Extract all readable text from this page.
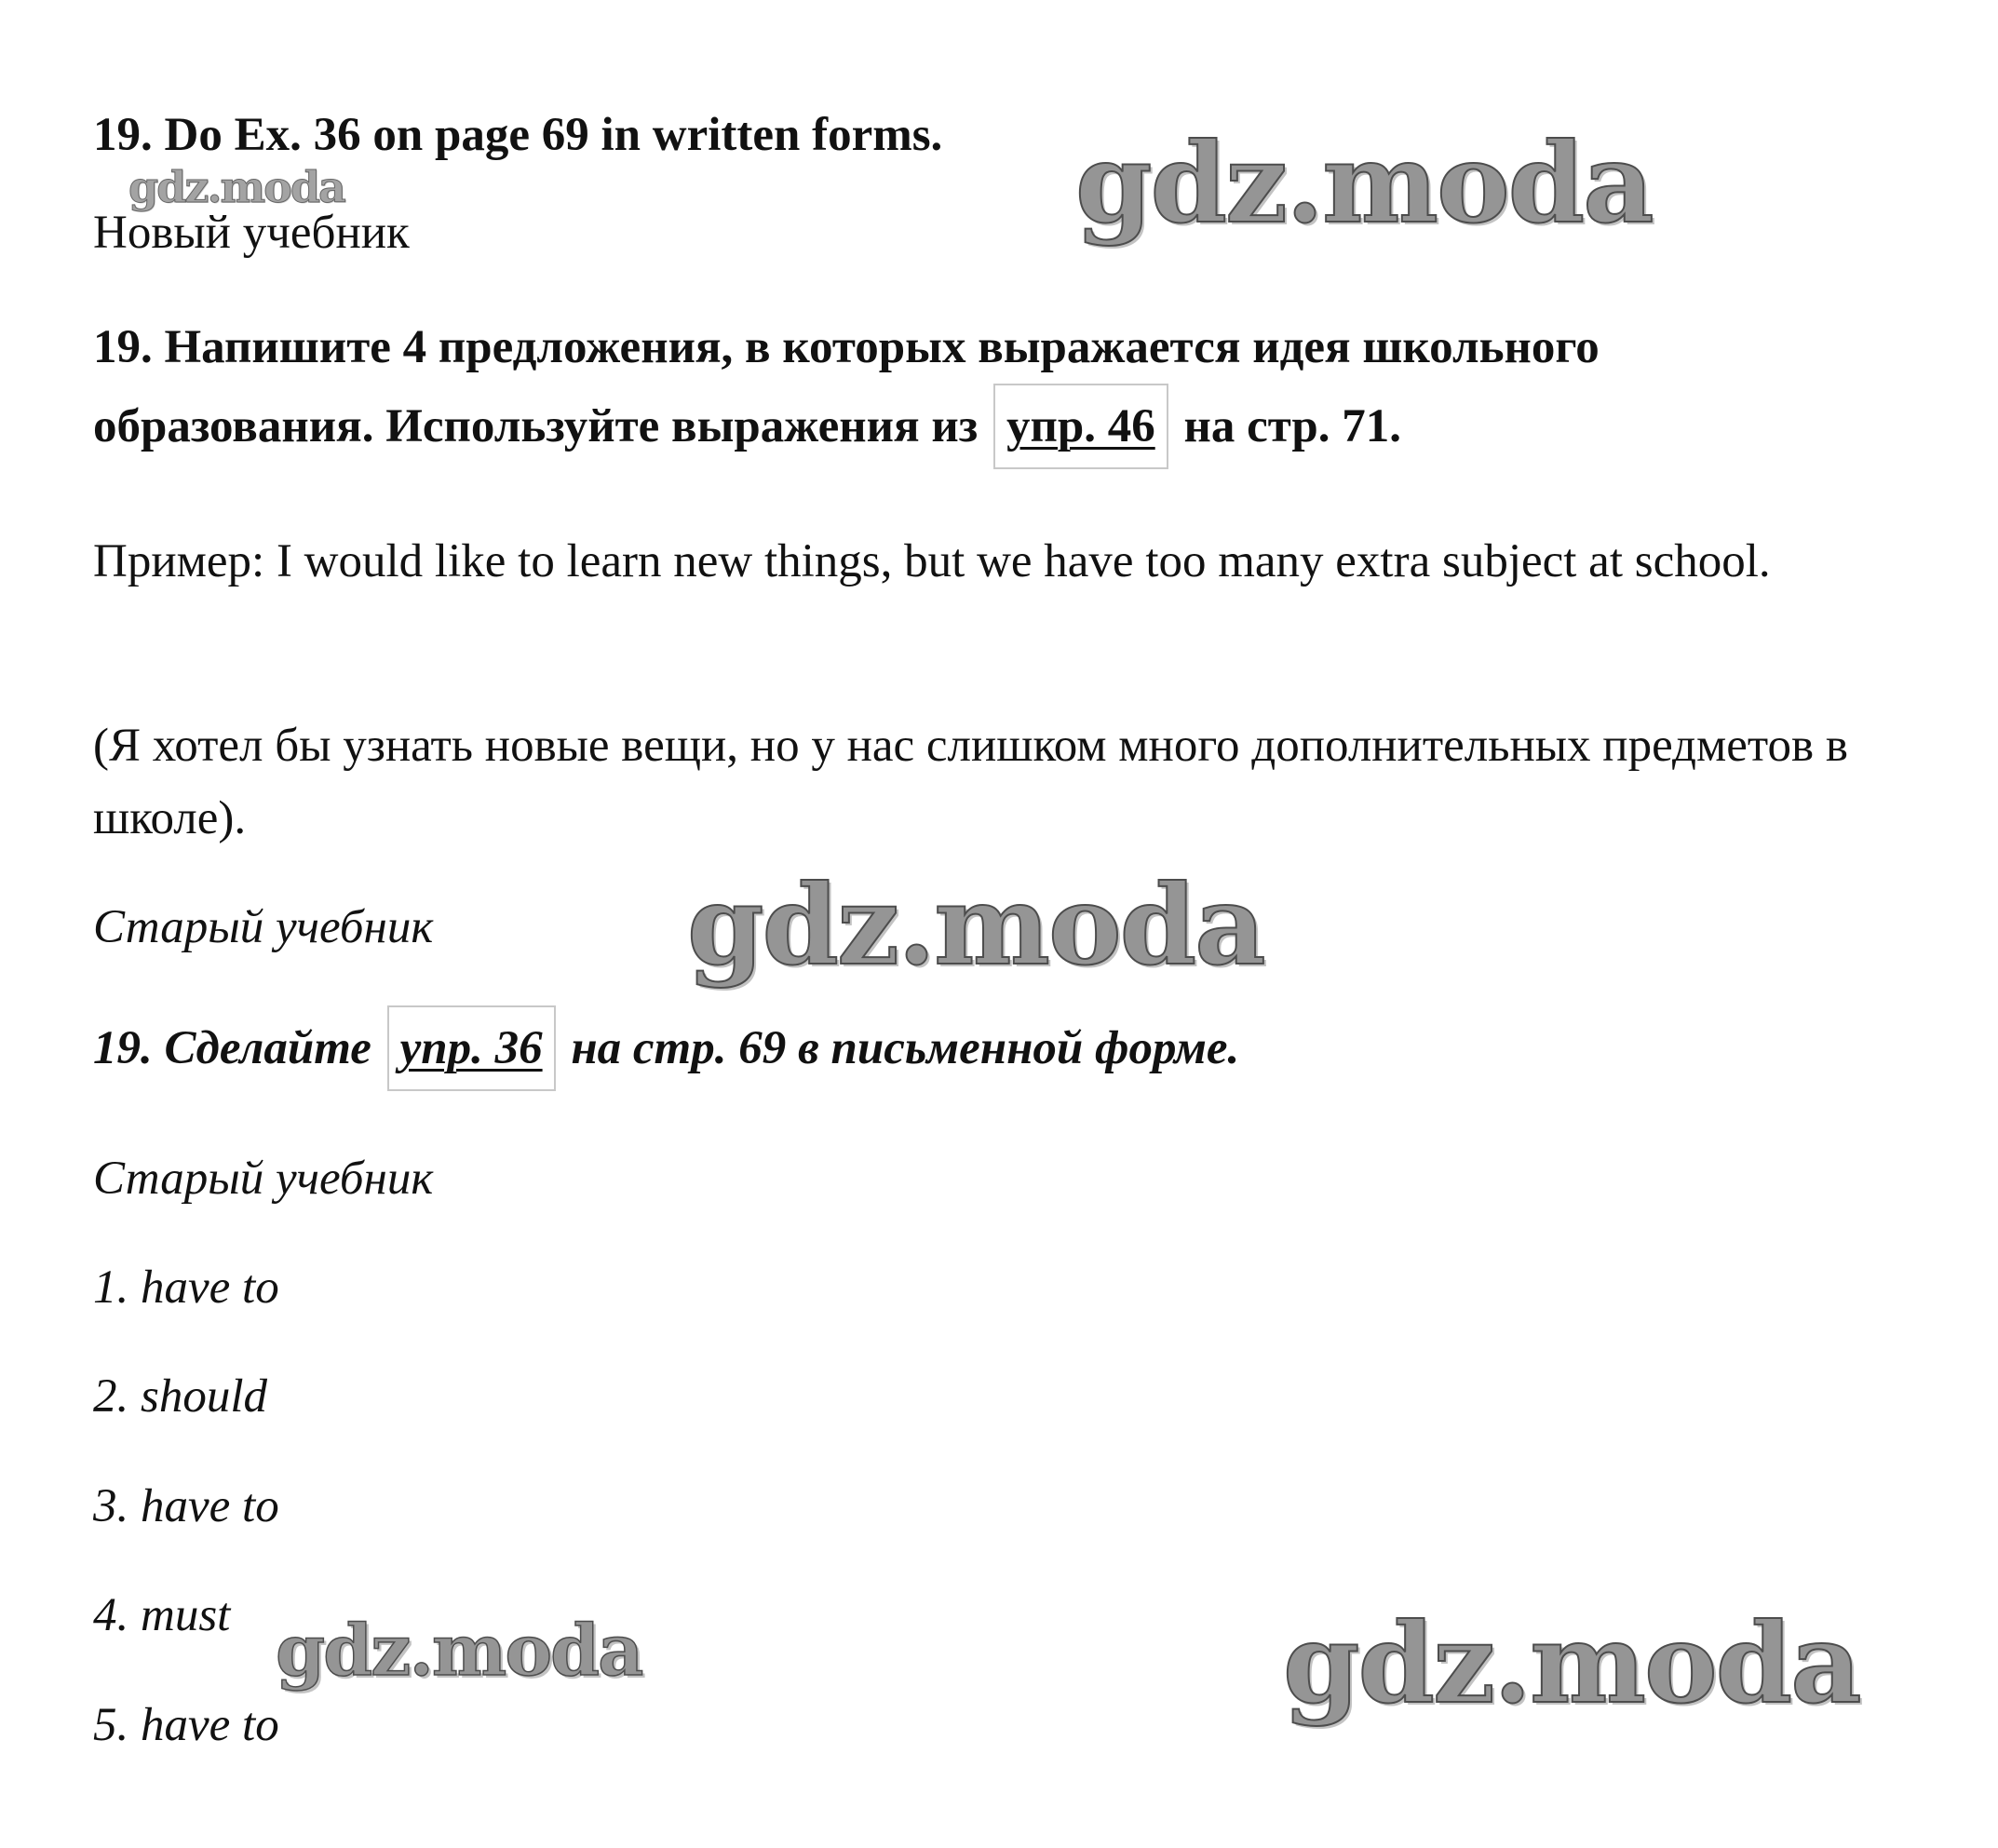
gdz.moda	gdz.moda
gdz.moda
gdz.moda	gdz.moda

19. Do Ex. 36 on page 69 in written forms.

Новый учебник

19. Напишите 4 предложения, в которых выражается идея школьного

образования. Используйте выражения из упр. 46 на стр. 71.

Пример: I would like to learn new things, but we have too many extra subject at school.

(Я хотел бы узнать новые вещи, но у нас слишком много дополнительных предметов в школе).

Старый учебник

19. Сделайте упр. 36 на стр. 69 в письменной форме.

Старый учебник

1. have to

2. should

3. have to

4. must

5. have to
